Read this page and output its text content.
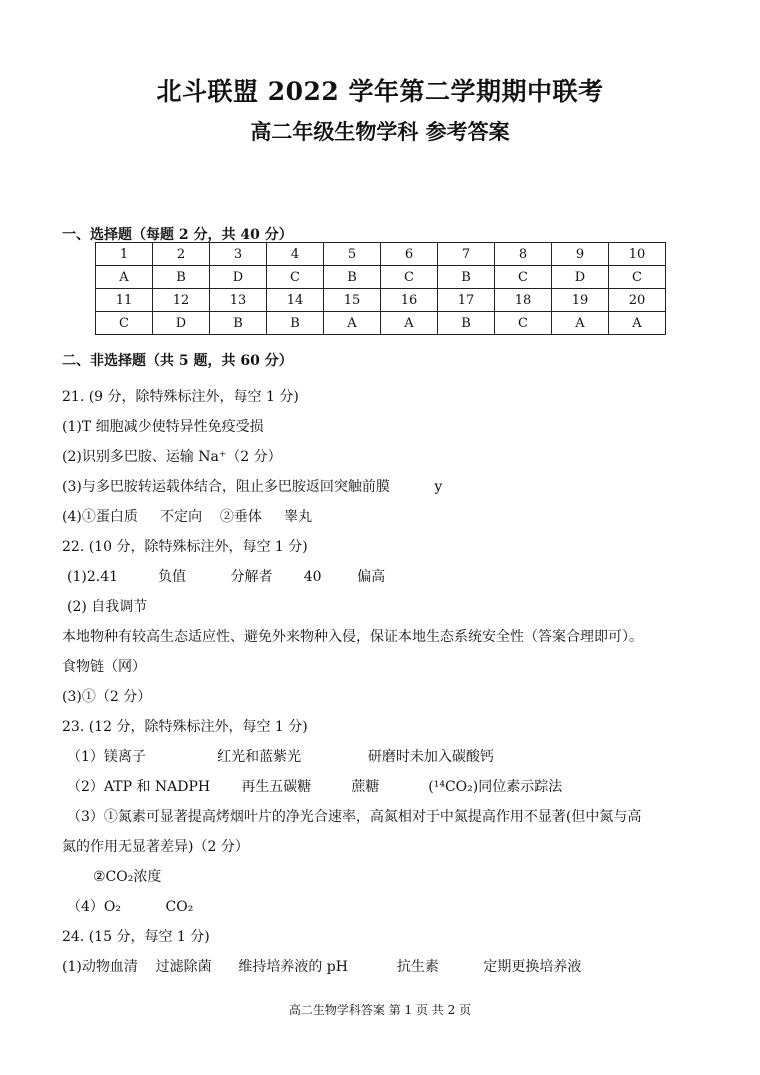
北斗联盟 2022 学年第二学期期中联考
高二年级生物学科 参考答案
一、选择题（每题 2 分，共 40 分）
1	2	3	4	5	6	7	8	9	10
A	B	D	C	B	C	B	C	D	C
11	12	13	14	15	16	17	18	19	20
C	D	B	B	A	A	B	C	A	A
二、非选择题（共 5 题，共 60 分）
21. (9 分，除特殊标注外，每空 1 分)
(1)T 细胞减少使特异性免疫受损
(2)识别多巴胺、运输 Na⁺（2 分）
(3)与多巴胺转运载体结合，阻止多巴胺返回突触前膜          y
(4)①蛋白质     不定向    ②垂体     睾丸
22. (10 分，除特殊标注外，每空 1 分)
(1)2.41         负值          分解者       40        偏高
(2) 自我调节
本地物种有较高生态适应性、避免外来物种入侵，保证本地生态系统安全性（答案合理即可）。
食物链（网）
(3)①（2 分）
23. (12 分，除特殊标注外，每空 1 分)
（1）镁离子                红光和蓝紫光               研磨时未加入碳酸钙
（2）ATP 和 NADPH       再生五碳糖         蔗糖           (¹⁴CO₂)同位素示踪法
（3）①氮素可显著提高烤烟叶片的净光合速率，高氮相对于中氮提高作用不显著(但中氮与高
氮的作用无显著差异)（2 分）
②CO₂浓度
（4）O₂          CO₂
24. (15 分，每空 1 分)
(1)动物血清    过滤除菌      维持培养液的 pH           抗生素          定期更换培养液
高二生物学科答案 第 1 页 共 2 页
